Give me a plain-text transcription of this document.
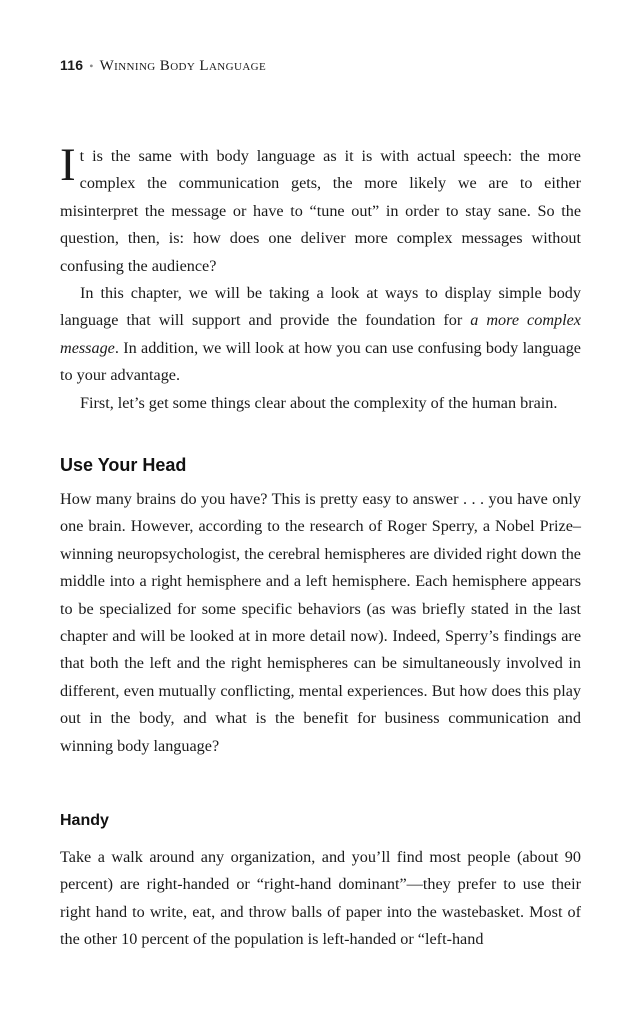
116 • Winning Body Language

It is the same with body language as it is with actual speech: the more complex the communication gets, the more likely we are to either misinterpret the message or have to “tune out” in order to stay sane. So the question, then, is: how does one deliver more complex messages without confusing the audience?

In this chapter, we will be taking a look at ways to display simple body language that will support and provide the foundation for a more complex message. In addition, we will look at how you can use confusing body language to your advantage.

First, let’s get some things clear about the complexity of the human brain.

Use Your Head

How many brains do you have? This is pretty easy to answer . . . you have only one brain. However, according to the research of Roger Sperry, a Nobel Prize–winning neuropsychologist, the cerebral hemispheres are divided right down the middle into a right hemisphere and a left hemisphere. Each hemisphere appears to be specialized for some specific behaviors (as was briefly stated in the last chapter and will be looked at in more detail now). Indeed, Sperry’s findings are that both the left and the right hemispheres can be simultaneously involved in different, even mutually conflicting, mental experiences. But how does this play out in the body, and what is the benefit for business communication and winning body language?

Handy

Take a walk around any organization, and you’ll find most people (about 90 percent) are right-handed or “right-hand dominant”—they prefer to use their right hand to write, eat, and throw balls of paper into the wastebasket. Most of the other 10 percent of the population is left-handed or “left-hand
